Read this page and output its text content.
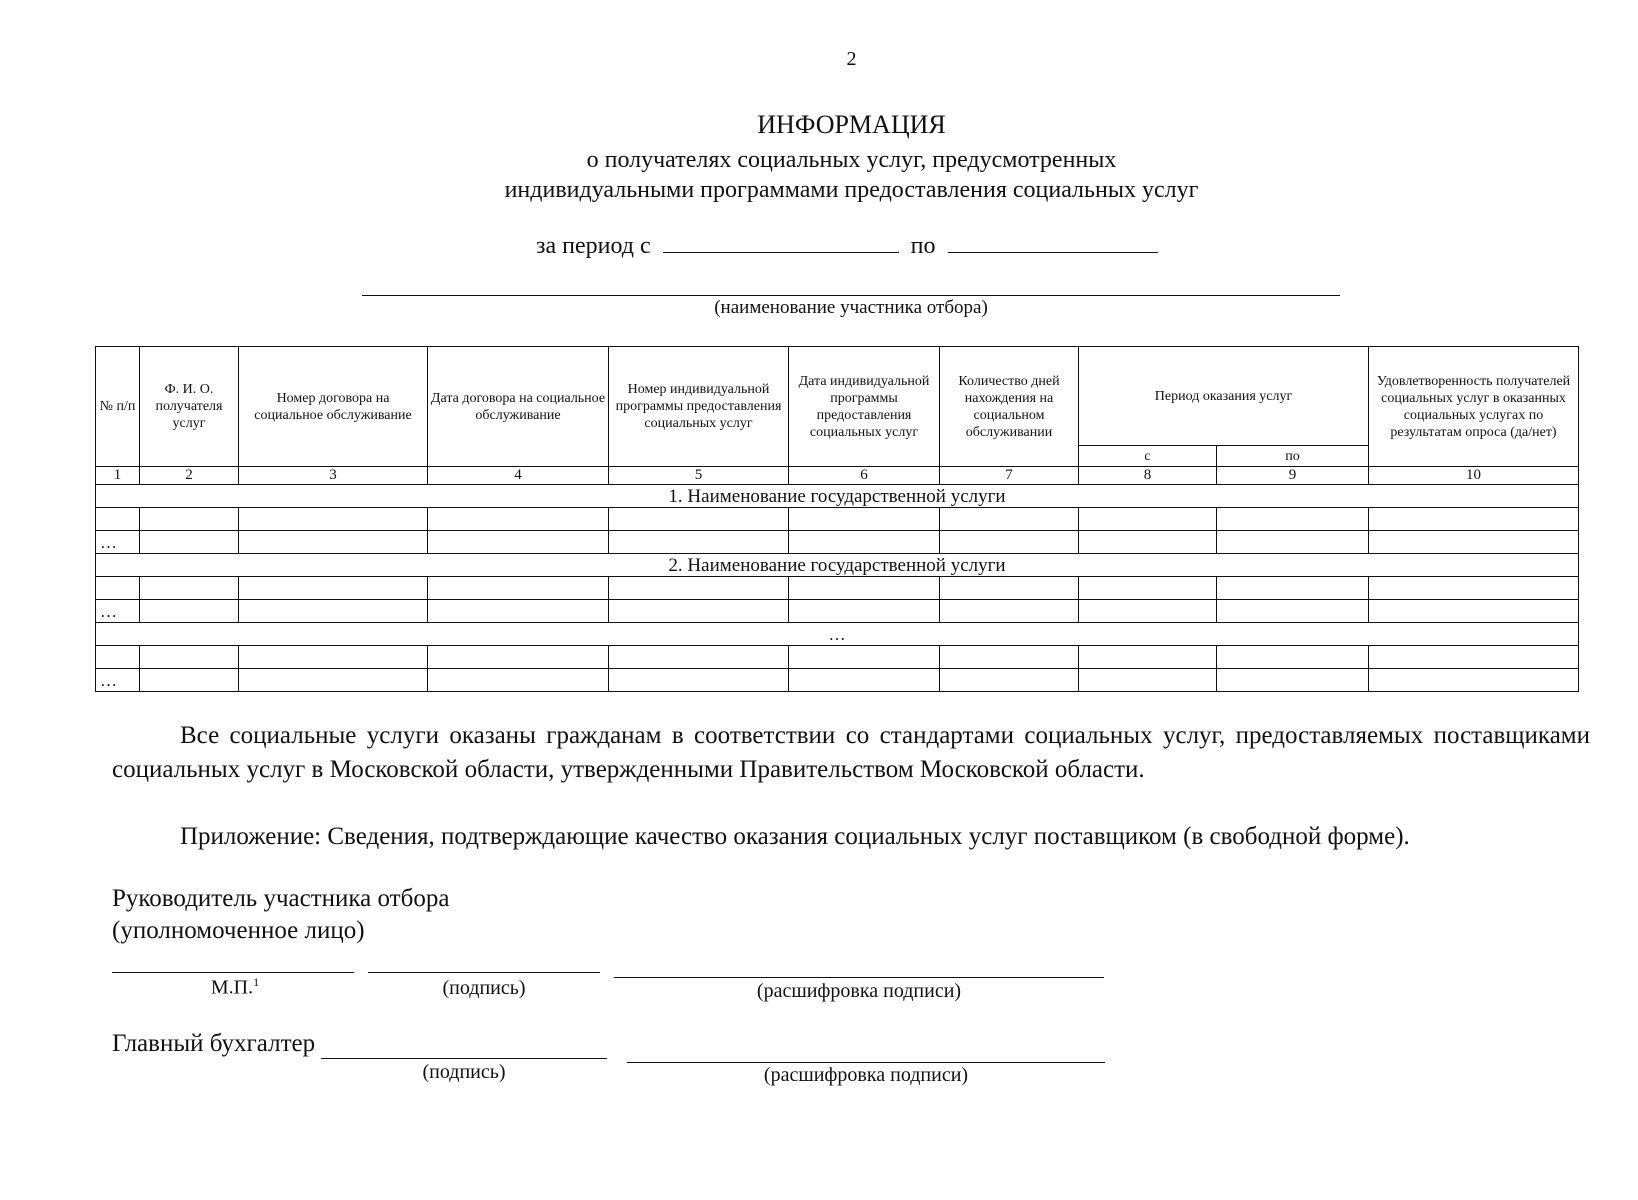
2
ИНФОРМАЦИЯ
о получателях социальных услуг, предусмотренных
индивидуальными программами предоставления социальных услуг
за период с	по
(наименование участника отбора)
№ п/п	Ф. И. О. получателя услуг	Номер договора на социальное обслуживание	Дата договора на социальное обслуживание	Номер индивидуальной программы предоставления социальных услуг	Дата индивидуальной программы предоставления социальных услуг	Количество дней нахождения на социальном обслуживании	Период оказания услуг		Удовлетворенность получателей социальных услуг в оказанных социальных услугах по результатам опроса (да/нет)
							с	по	
1	2	3	4	5	6	7	8	9	10
1. Наименование государственной услуги									

…									
2. Наименование государственной услуги									

…									
…									

…									
Все социальные услуги оказаны гражданам в соответствии со стандартами социальных услуг, предоставляемых поставщиками социальных услуг в Московской области, утвержденными Правительством Московской области.
Приложение: Сведения, подтверждающие качество оказания социальных услуг поставщиком (в свободной форме).
Руководитель участника отбора
(уполномоченное лицо)
М.П.$^1$	(подпись)	(расшифровка подписи)
Главный бухгалтер
(подпись)	(расшифровка подписи)
